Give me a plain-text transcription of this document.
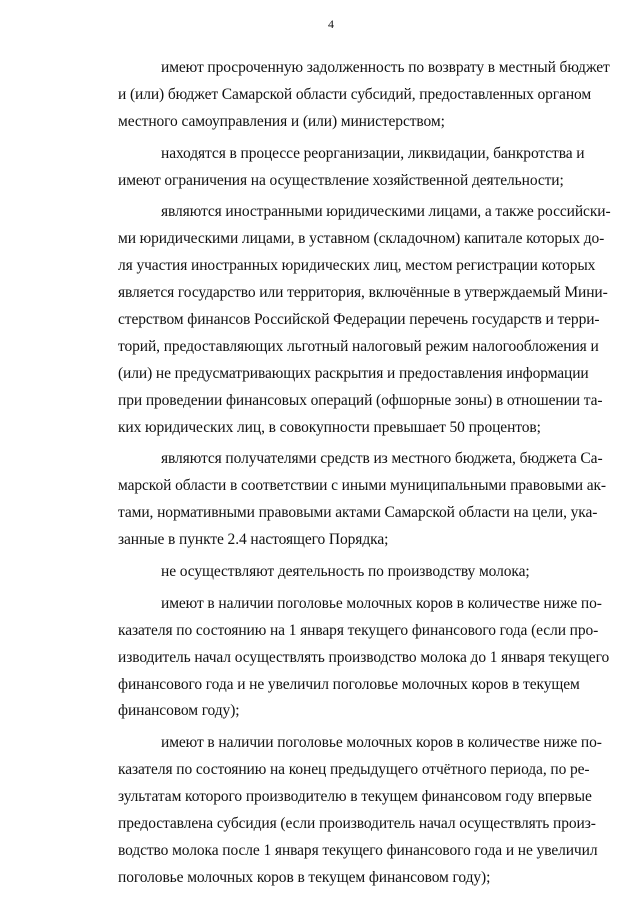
4
имеют просроченную задолженность по возврату в местный бюджет
и (или) бюджет Самарской области субсидий, предоставленных органом
местного самоуправления и (или) министерством;
находятся в процессе реорганизации, ликвидации, банкротства и
имеют ограничения на осуществление хозяйственной деятельности;
являются иностранными юридическими лицами, а также российски-
ми юридическими лицами, в уставном (складочном) капитале которых до-
ля участия иностранных юридических лиц, местом регистрации которых
является государство или территория, включённые в утверждаемый Мини-
стерством финансов Российской Федерации перечень государств и терри-
торий, предоставляющих льготный налоговый режим налогообложения и
(или) не предусматривающих раскрытия и предоставления информации
при проведении финансовых операций (офшорные зоны) в отношении та-
ких юридических лиц, в совокупности превышает 50 процентов;
являются получателями средств из местного бюджета, бюджета Са-
марской области в соответствии с иными муниципальными правовыми ак-
тами, нормативными правовыми актами Самарской области на цели, ука-
занные в пункте 2.4 настоящего Порядка;
не осуществляют деятельность по производству молока;
имеют в наличии поголовье молочных коров в количестве ниже по-
казателя по состоянию на 1 января текущего финансового года (если про-
изводитель начал осуществлять производство молока до 1 января текущего
финансового года и не увеличил поголовье молочных коров в текущем
финансовом году);
имеют в наличии поголовье молочных коров в количестве ниже по-
казателя по состоянию на конец предыдущего отчётного периода, по ре-
зультатам которого производителю в текущем финансовом году впервые
предоставлена субсидия (если производитель начал осуществлять произ-
водство молока после 1 января текущего финансового года и не увеличил
поголовье молочных коров в текущем финансовом году);
